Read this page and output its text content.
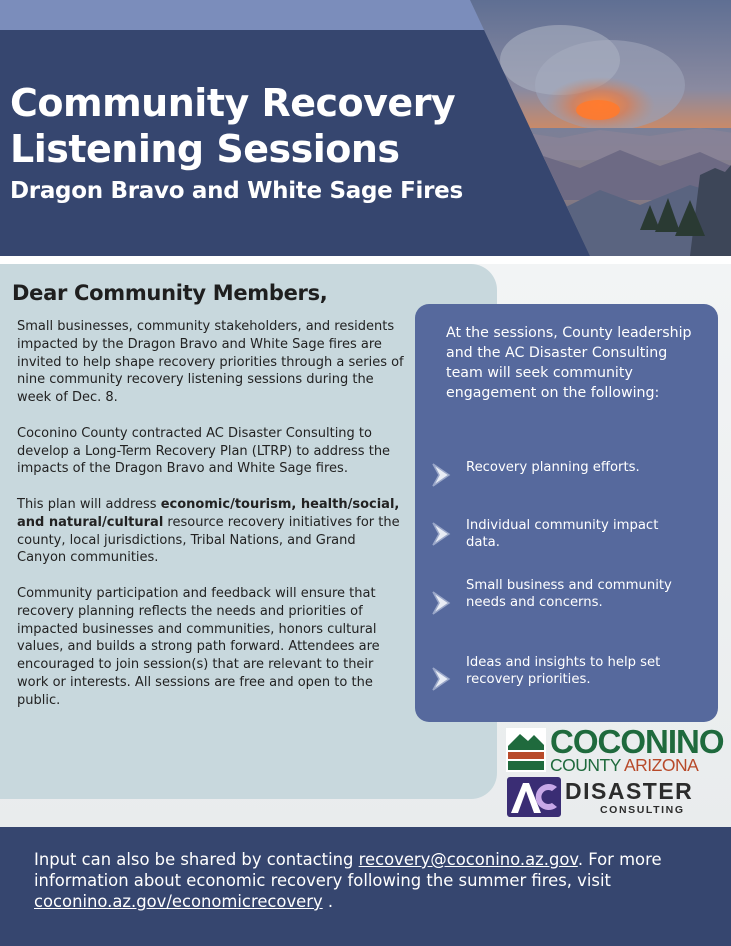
Community Recovery
Listening Sessions
Dragon Bravo and White Sage Fires
Dear Community Members,

Small businesses, community stakeholders, and residents impacted by the Dragon Bravo and White Sage fires are invited to help shape recovery priorities through a series of nine community recovery listening sessions during the week of Dec. 8.

Coconino County contracted AC Disaster Consulting to develop a Long-Term Recovery Plan (LTRP) to address the impacts of the Dragon Bravo and White Sage fires.

This plan will address economic/tourism, health/social, and natural/cultural resource recovery initiatives for the county, local jurisdictions, Tribal Nations, and Grand Canyon communities.

Community participation and feedback will ensure that recovery planning reflects the needs and priorities of impacted businesses and communities, honors cultural values, and builds a strong path forward. Attendees are encouraged to join session(s) that are relevant to their work or interests. All sessions are free and open to the public.

At the sessions, County leadership and the AC Disaster Consulting team will seek community engagement on the following:

Recovery planning efforts.

Individual community impact data.

Small business and community needs and concerns.

Ideas and insights to help set recovery priorities.

COCONINO

COUNTY ARIZONA

DISASTER

CONSULTING

Input can also be shared by contacting recovery@coconino.az.gov. For more information about economic recovery following the summer fires, visit coconino.az.gov/economicrecovery .
